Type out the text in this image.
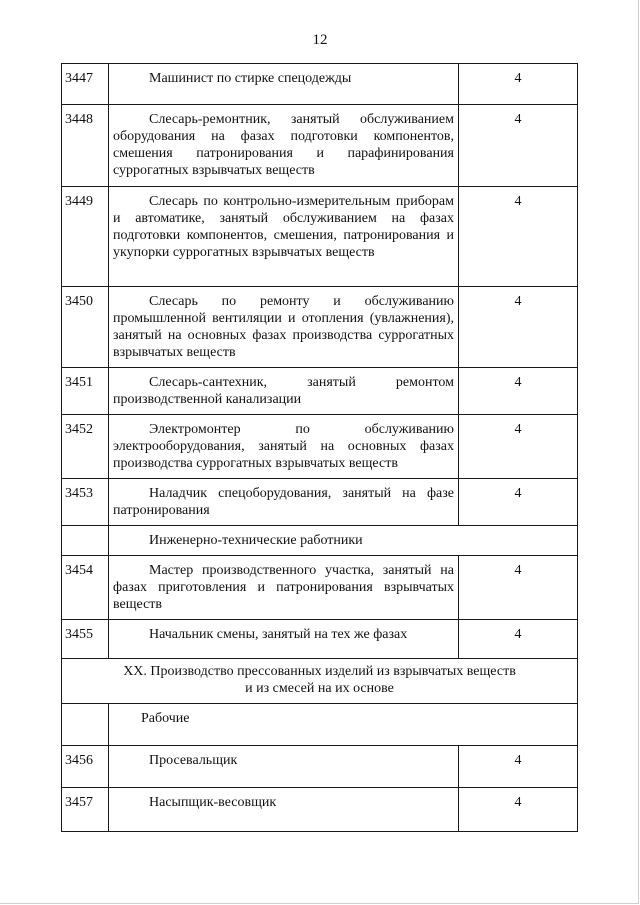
12
3447	Машинист по стирке спецодежды	4
3448	Слесарь-ремонтник, занятый обслуживанием оборудования на фазах подготовки компонентов, смешения патронирования и парафинирования суррогатных взрывчатых веществ	4
3449	Слесарь по контрольно-измерительным приборам и автоматике, занятый обслуживанием на фазах подготовки компонентов, смешения, патронирования и укупорки суррогатных взрывчатых веществ	4
3450	Слесарь по ремонту и обслуживанию промышленной вентиляции и отопления (увлажнения), занятый на основных фазах производства суррогатных взрывчатых веществ	4
3451	Слесарь-сантехник, занятый ремонтом производственной канализации	4
3452	Электромонтер по обслуживанию электрооборудования, занятый на основных фазах производства суррогатных взрывчатых веществ	4
3453	Наладчик спецоборудования, занятый на фазе патронирования	4
	Инженерно-технические работники	
3454	Мастер производственного участка, занятый на фазах приготовления и патронирования взрывчатых веществ	4
3455	Начальник смены, занятый на тех же фазах	4

XX. Производство прессованных изделий из взрывчатых веществ
и из смесей на их основе		

	Рабочие	
3456	Просевальщик	4
3457	Насыпщик-весовщик	4
